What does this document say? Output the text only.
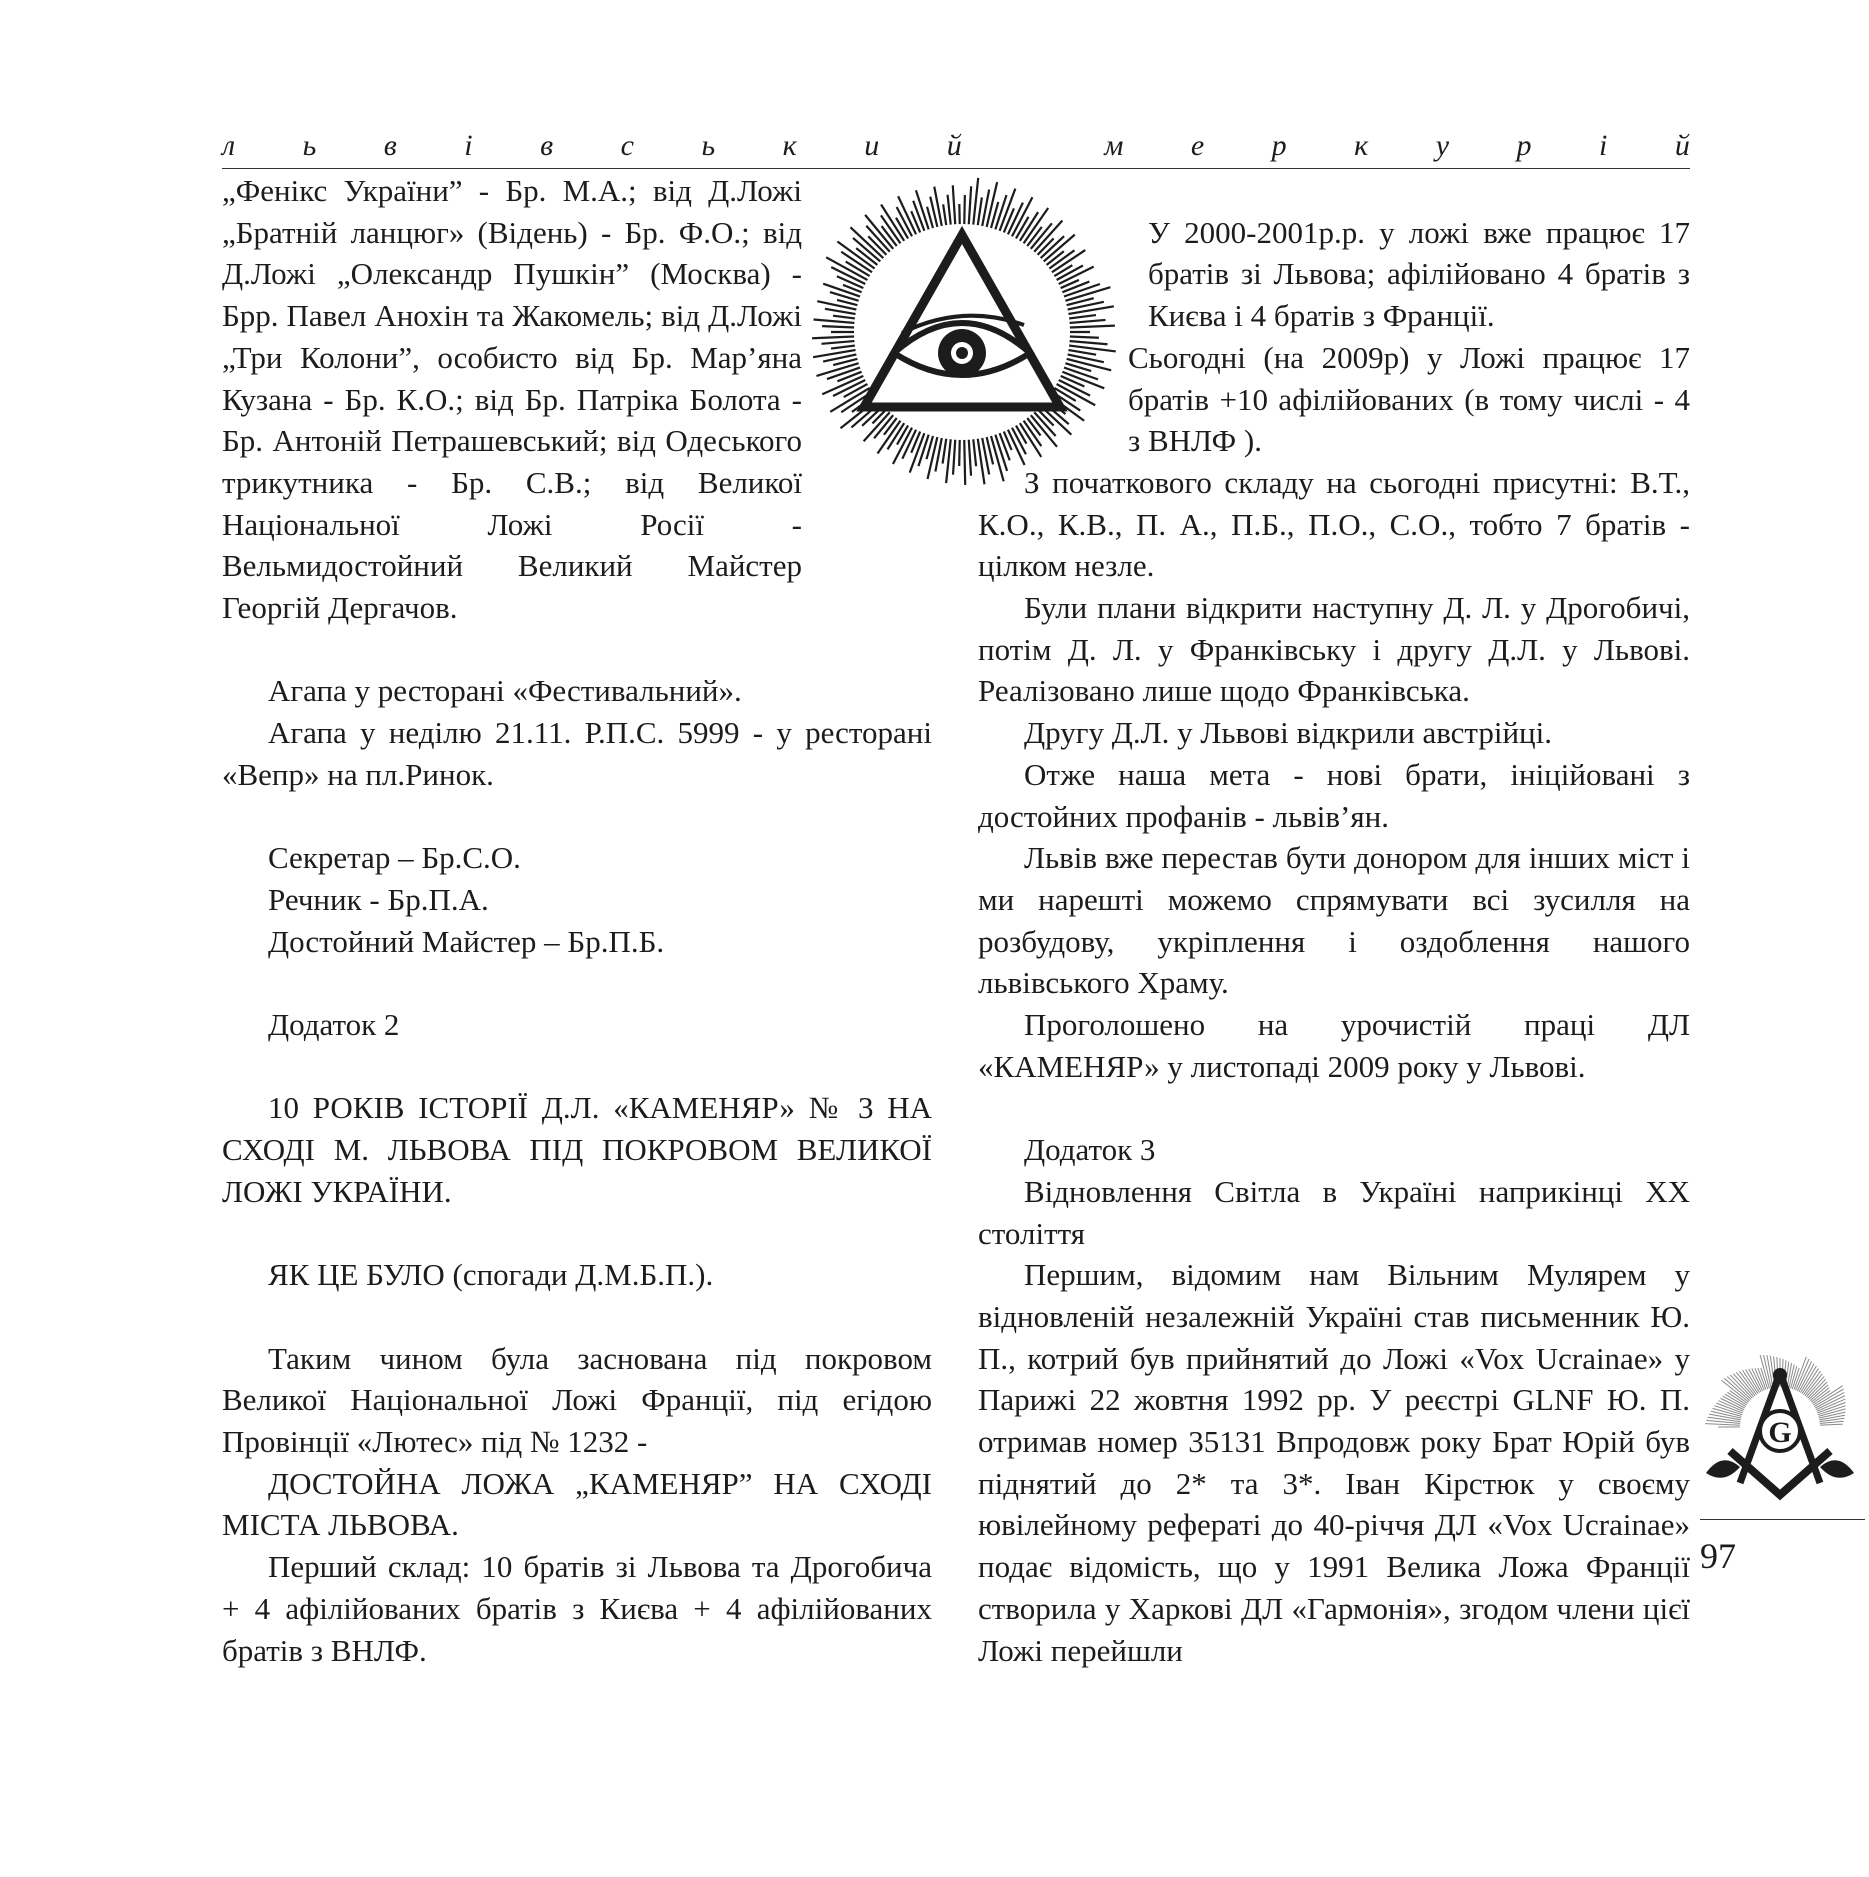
л ь в і в с ь к и й
	м е р к у р і й

„Фенікс України” - Бр. М.А.; від Д.Ложі „Братній ланцюг» (Відень) - Бр. Ф.О.; від Д.Ложі „Олександр Пушкін” (Москва) - Брр. Павел Анохін та Жакомель; від Д.Ложі „Три Колони”, особисто від Бр. Мар’яна Кузана - Бр. К.О.; від Бр. Патріка Болота - Бр. Антоній Петрашевський; від Одеського трикутника - Бр. С.В.; від Великої Національної Ложі Росії - Вельмидостойний Великий Майстер Георгій Дергачов.

Агапа у ресторані «Фестивальний».

Агапа у неділю 21.11. Р.П.С. 5999 - у ресторані «Вепр» на пл.Ринок.

Секретар – Бр.С.О.

Речник - Бр.П.А.

Достойний Майстер – Бр.П.Б.

Додаток 2

10 РОКІВ ІСТОРІЇ Д.Л. «КАМЕНЯР» № 3 НА СХОДІ М. ЛЬВОВА ПІД ПОКРОВОМ ВЕЛИКОЇ ЛОЖІ УКРАЇНИ.

ЯК ЦЕ БУЛО (спогади Д.М.Б.П.).

Таким чином була заснована під покровом Великої Національної Ложі Франції, під егідою Провінції «Лютес» під № 1232 -

ДОСТОЙНА ЛОЖА „КАМЕНЯР” НА СХОДІ МІСТА ЛЬВОВА.

Перший склад: 10 братів зі Львова та Дрогобича + 4 афілійованих братів з Києва + 4 афілійованих братів з ВНЛФ.

У 2000-2001р.р. у ложі вже працює 17 братів зі Львова; афілійовано 4 братів з Києва і 4 братів з Франції.

Сьогодні (на 2009р) у Ложі працює 17 братів +10 афілійованих (в тому числі - 4 з ВНЛФ ).

З початкового складу на сьогодні присутні: В.Т., К.О., К.В., П. А., П.Б., П.О., С.О., тобто 7 братів - цілком незле.

Були плани відкрити наступну Д. Л. у Дрогобичі, потім Д. Л. у Франківську і другу Д.Л. у Львові. Реалізовано лише щодо Франківська.

Другу Д.Л. у Львові відкрили австрійці.

Отже наша мета - нові брати, ініційовані з достойних профанів - львів’ян.

Львів вже перестав бути донором для інших міст і ми нарешті можемо спрямувати всі зусилля на розбудову, укріплення і оздоблення нашого львівського Храму.

Проголошено на урочистій праці ДЛ «КАМЕНЯР» у листопаді 2009 року у Львові.

Додаток 3

Відновлення Світла в Україні наприкінці ХХ століття

Першим, відомим нам Вільним Мулярем у відновленій незалежній Україні став письменник Ю. П., котрий був прийнятий до Ложі «Vox Ucrainae» у Парижі 22 жовтня 1992 рр. У реєстрі GLNF Ю. П. отримав номер 35131 Впродовж року Брат Юрій був піднятий до 2* та 3*. Іван Кірстюк у своєму ювілейному рефераті до 40-річчя ДЛ «Vox Ucrainae» подає відомість, що у 1991 Велика Ложа Франції створила у Харкові ДЛ «Гармонія», згодом члени цієї Ложі перейшли

G
97
